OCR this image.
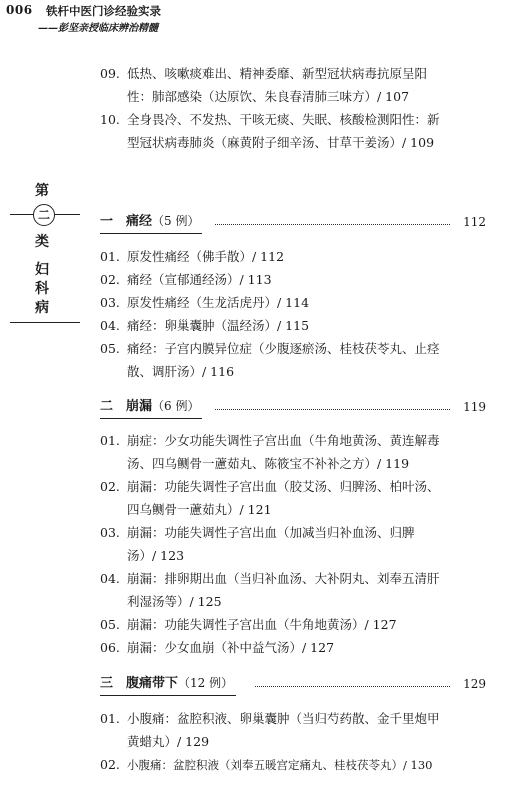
006 铁杆中医门诊经验实录
——彭坚亲授临床辨治精髓
09. 低热、咳嗽痰难出、精神委靡、新型冠状病毒抗原呈阳
性：肺部感染（达原饮、朱良春清肺三味方）/ 107
10. 全身畏冷、不发热、干咳无痰、失眠、核酸检测阳性：新
型冠状病毒肺炎（麻黄附子细辛汤、甘草干姜汤）/ 109
第
二
类
妇
科
病
一　痛经（5 例）	112
01. 原发性痛经（佛手散）/ 112
02. 痛经（宣郁通经汤）/ 113
03. 原发性痛经（生龙活虎丹）/ 114
04. 痛经：卵巢囊肿（温经汤）/ 115
05. 痛经：子宫内膜异位症（少腹逐瘀汤、桂枝茯苓丸、止痉
散、调肝汤）/ 116
二　崩漏（6 例）	119
01. 崩症：少女功能失调性子宫出血（牛角地黄汤、黄连解毒
汤、四乌鲗骨一藘茹丸、陈筱宝不补补之方）/ 119
02. 崩漏：功能失调性子宫出血（胶艾汤、归脾汤、柏叶汤、
四乌鲗骨一藘茹丸）/ 121
03. 崩漏：功能失调性子宫出血（加减当归补血汤、归脾
汤）/ 123
04. 崩漏：排卵期出血（当归补血汤、大补阴丸、刘奉五清肝
利湿汤等）/ 125
05. 崩漏：功能失调性子宫出血（牛角地黄汤）/ 127
06. 崩漏：少女血崩（补中益气汤）/ 127
三　腹痛带下（12 例）	129
01. 小腹痛：盆腔积液、卵巢囊肿（当归芍药散、金千里炮甲
黄蜡丸）/ 129
02. 小腹痛：盆腔积液（刘奉五暖宫定痛丸、桂枝茯苓丸）/ 130
